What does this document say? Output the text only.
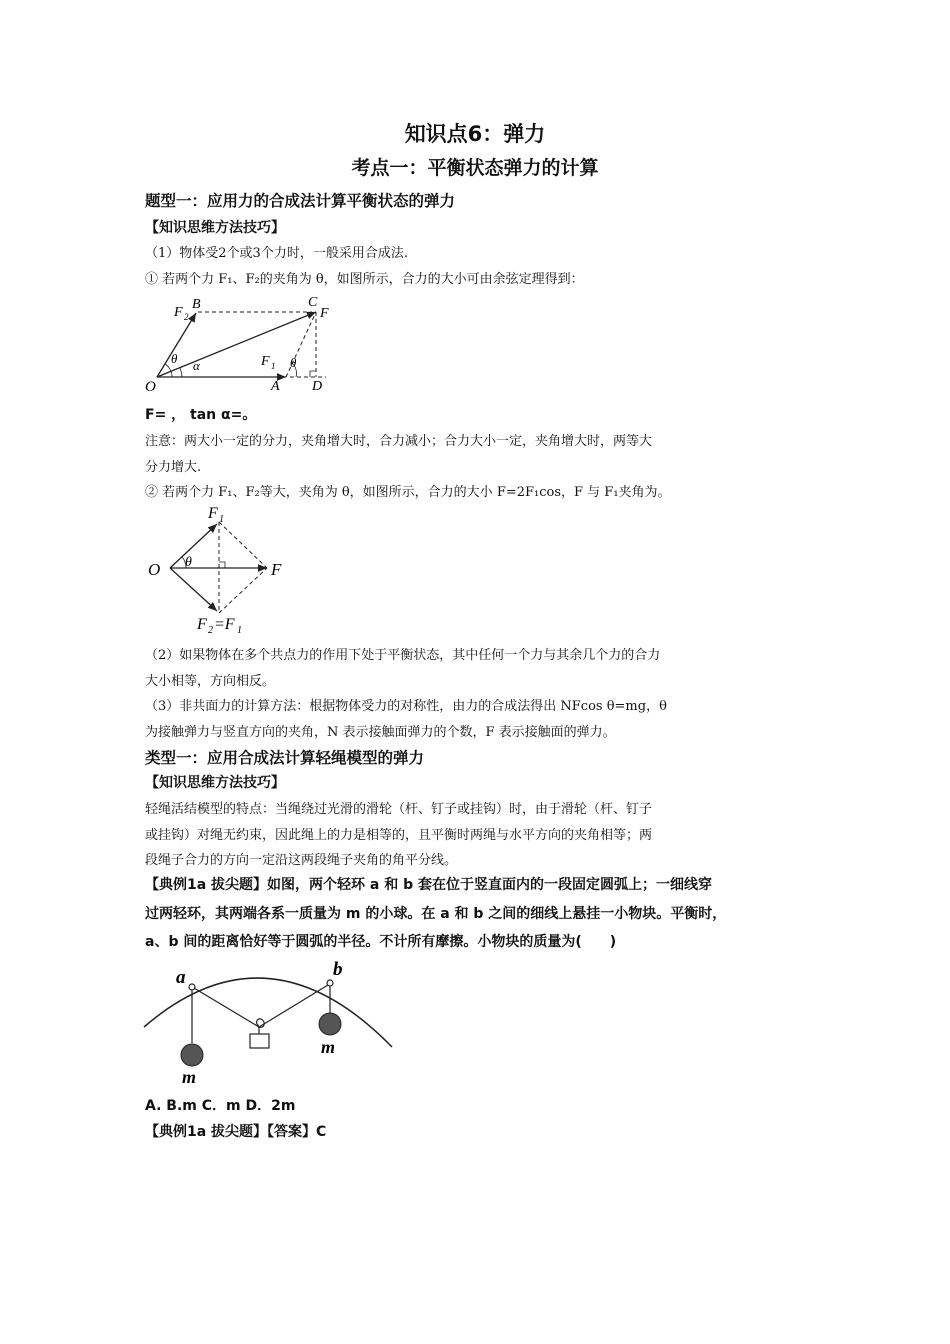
知识点6：弹力
考点一：平衡状态弹力的计算
题型一：应用力的合成法计算平衡状态的弹力
【知识思维方法技巧】
（1）物体受2个或3个力时，一般采用合成法.
① 若两个力 F₁、F₂的夹角为 θ，如图所示，合力的大小可由余弦定理得到：
O	A
B	C
D
F
F 1
F 2
θ α	θ
F= ， tan α=。
注意：两大小一定的分力，夹角增大时，合力减小；合力大小一定，夹角增大时，两等大
分力增大.
② 若两个力 F₁、F₂等大，夹角为 θ，如图所示，合力的大小 F=2F₁cos，F 与 F₁夹角为。
O θ	F
F 1
F 2 =F 1
（2）如果物体在多个共点力的作用下处于平衡状态，其中任何一个力与其余几个力的合力
大小相等，方向相反。
（3）非共面力的计算方法：根据物体受力的对称性，由力的合成法得出 NFcos θ=mg，θ
为接触弹力与竖直方向的夹角，N 表示接触面弹力的个数，F 表示接触面的弹力。
类型一：应用合成法计算轻绳模型的弹力
【知识思维方法技巧】
轻绳活结模型的特点：当绳绕过光滑的滑轮（杆、钉子或挂钩）时，由于滑轮（杆、钉子
或挂钩）对绳无约束，因此绳上的力是相等的，且平衡时两绳与水平方向的夹角相等；两
段绳子合力的方向一定沿这两段绳子夹角的角平分线。
【典例1a 拔尖题】如图，两个轻环 a 和 b 套在位于竖直面内的一段固定圆弧上；一细线穿
过两轻环，其两端各系一质量为 m 的小球。在 a 和 b 之间的细线上悬挂一小物块。平衡时，
a、b 间的距离恰好等于圆弧的半径。不计所有摩擦。小物块的质量为(　　)
a	b
m
m
A. B.m C．m D．2m
【典例1a 拔尖题】【答案】C
